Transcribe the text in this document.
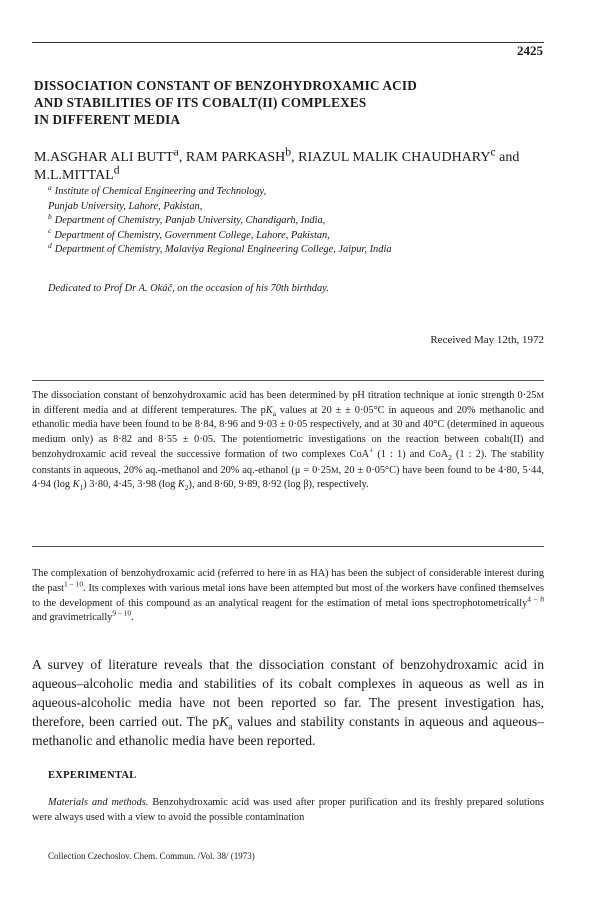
2425
DISSOCIATION CONSTANT OF BENZOHYDROXAMIC ACID
AND STABILITIES OF ITS COBALT(II) COMPLEXES
IN DIFFERENT MEDIA
M.ASGHAR ALI BUTT$^a$, RAM PARKASH$^b$, RIAZUL MALIK CHAUDHARY$^c$ and
M.L.MITTAL$^d$
$^a$ Institute of Chemical Engineering and Technology,
Punjab University, Lahore, Pakistan,
$^b$ Department of Chemistry, Panjab University, Chandigarh, India,
$^c$ Department of Chemistry, Government College, Lahore, Pakistan,
$^d$ Department of Chemistry, Malaviya Regional Engineering College, Jaipur, India
Dedicated to Prof Dr A. Okáč, on the occasion of his 70th birthday.
Received May 12th, 1972
The dissociation constant of benzohydroxamic acid has been determined by pH titration technique at ionic strength 0·25M in different media and at different temperatures. The $pK_a$ values at 20 ± ± 0·05°C in aqueous and 20% methanolic and ethanolic media have been found to be 8·84, 8·96 and 9·03 ± 0·05 respectively, and at 30 and 40°C (determined in aqueous medium only) as 8·82 and 8·55 ± 0·05. The potentiometric investigations on the reaction between cobalt(II) and benzohydroxamic acid reveal the successive formation of two complexes CoA+ (1 : 1) and CoA$_2$ (1 : 2). The stability constants in aqueous, 20% aq.-methanol and 20% aq.-ethanol (μ = 0·25M, 20 ± 0·05°C) have been found to be 4·80, 5·44, 4·94 (log $K_1$) 3·80, 4·45, 3·98 (log $K_2$), and 8·60, 9·89, 8·92 (log β), respectively.
The complexation of benzohydroxamic acid (referred to here in as HA) has been the subject of considerable interest during the past$^{1 - 10}$. Its complexes with various metal ions have been attempted but most of the workers have confined themselves to the development of this compound as an analytical reagent for the estimation of metal ions spectrophotometrically$^{4 - 8}$ and gravimetrically$^{9 - 10}$.
A survey of literature reveals that the dissociation constant of benzohydroxamic acid in aqueous–alcoholic media and stabilities of its cobalt complexes in aqueous as well as in aqueous-alcoholic media have not been reported so far. The present investigation has, therefore, been carried out. The $pK_a$ values and stability constants in aqueous and aqueous–methanolic and ethanolic media have been reported.
EXPERIMENTAL
Materials and methods. Benzohydroxamic acid was used after proper purification and its freshly prepared solutions were always used with a view to avoid the possible contamination
Collection Czechoslov. Chem. Commun. /Vol. 38/ (1973)
